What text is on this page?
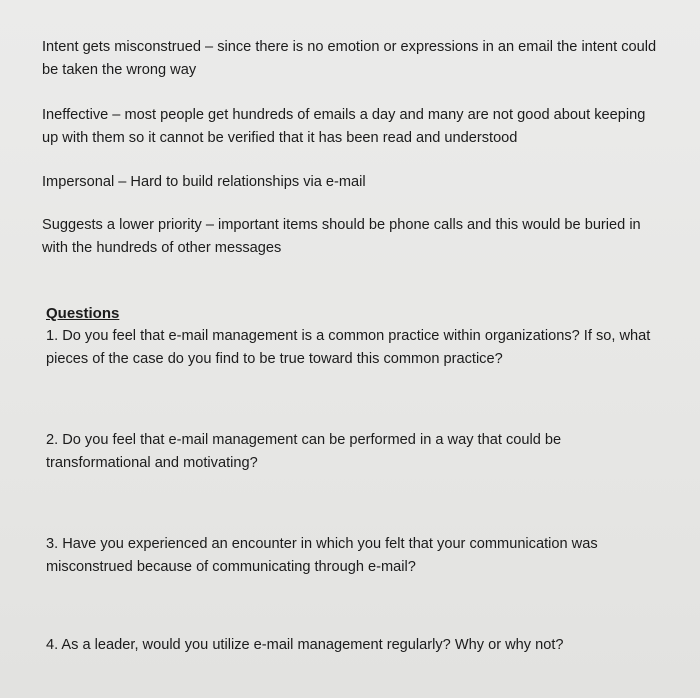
Intent gets misconstrued – since there is no emotion or expressions in an email the intent could be taken the wrong way

Ineffective – most people get hundreds of emails a day and many are not good about keeping up with them so it cannot be verified that it has been read and understood

Impersonal – Hard to build relationships via e-mail

Suggests a lower priority – important items should be phone calls and this would be buried in with the hundreds of other messages

Questions

1. Do you feel that e-mail management is a common practice within organizations? If so, what pieces of the case do you find to be true toward this common practice?

2. Do you feel that e-mail management can be performed in a way that could be transformational and motivating?

3. Have you experienced an encounter in which you felt that your communication was misconstrued because of communicating through e-mail?

4. As a leader, would you utilize e-mail management regularly? Why or why not?
